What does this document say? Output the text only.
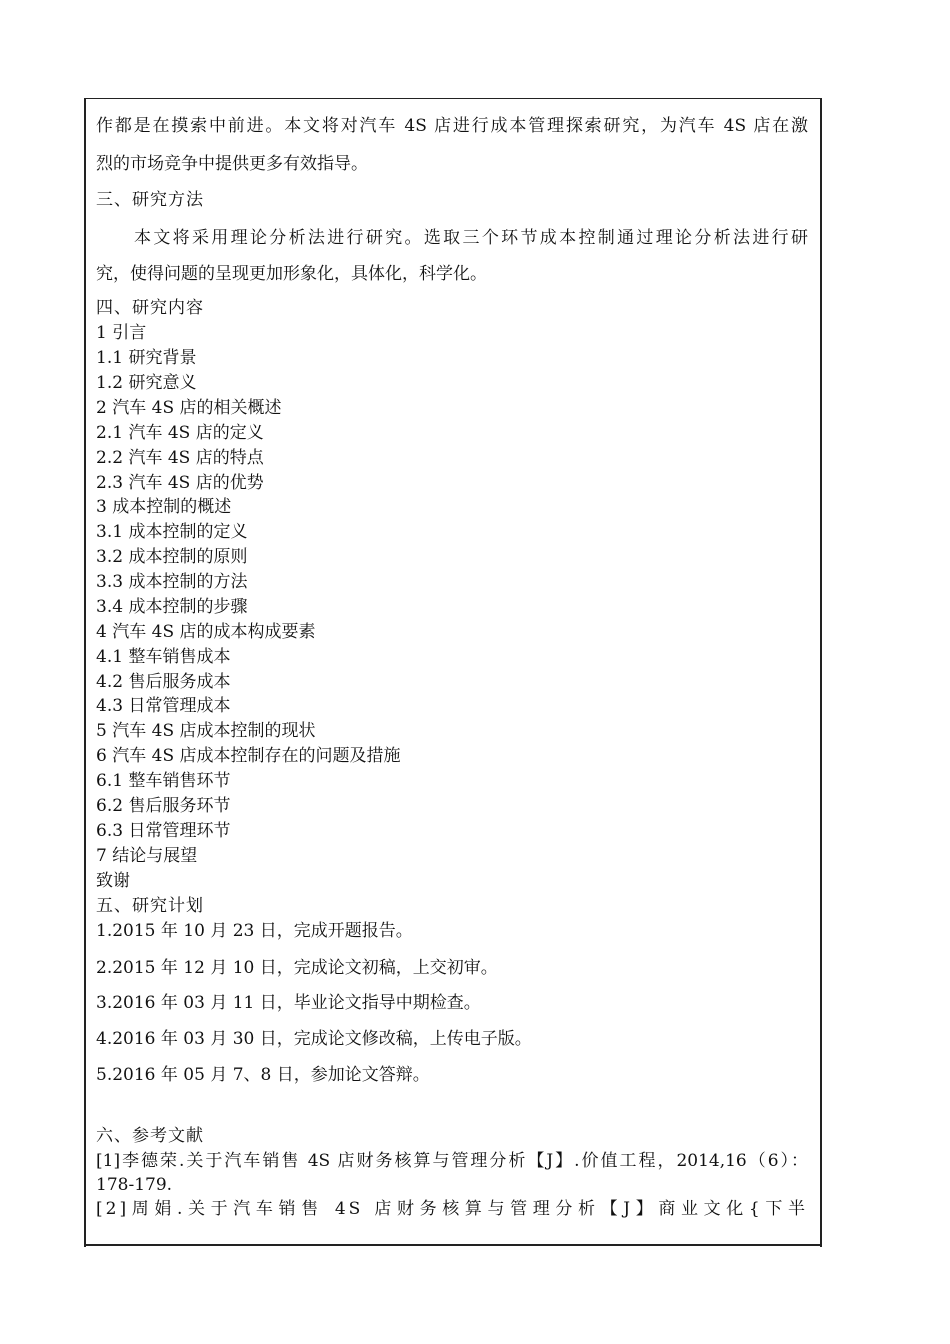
作都是在摸索中前进。本文将对汽车 4S 店进行成本管理探索研究，为汽车 4S 店在激
烈的市场竞争中提供更多有效指导。
三、研究方法
本文将采用理论分析法进行研究。选取三个环节成本控制通过理论分析法进行研
究，使得问题的呈现更加形象化，具体化，科学化。
四、研究内容
1 引言
1.1 研究背景
1.2 研究意义
2 汽车 4S 店的相关概述
2.1 汽车 4S 店的定义
2.2 汽车 4S 店的特点
2.3 汽车 4S 店的优势
3 成本控制的概述
3.1 成本控制的定义
3.2 成本控制的原则
3.3 成本控制的方法
3.4 成本控制的步骤
4 汽车 4S 店的成本构成要素
4.1 整车销售成本
4.2 售后服务成本
4.3 日常管理成本
5 汽车 4S 店成本控制的现状
6 汽车 4S 店成本控制存在的问题及措施
6.1 整车销售环节
6.2 售后服务环节
6.3 日常管理环节
7 结论与展望
致谢
五、研究计划
1.2015 年 10 月 23 日，完成开题报告。
2.2015 年 12 月 10 日，完成论文初稿，上交初审。
3.2016 年 03 月 11 日，毕业论文指导中期检查。
4.2016 年 03 月 30 日，完成论文修改稿，上传电子版。
5.2016 年 05 月 7、8 日，参加论文答辩。
六、参考文献
[1]李德荣.关于汽车销售 4S 店财务核算与管理分析【J】.价值工程，2014,16（6）：
178-179.
[2]周娟.关于汽车销售 4S 店财务核算与管理分析【J】商业文化{下半
